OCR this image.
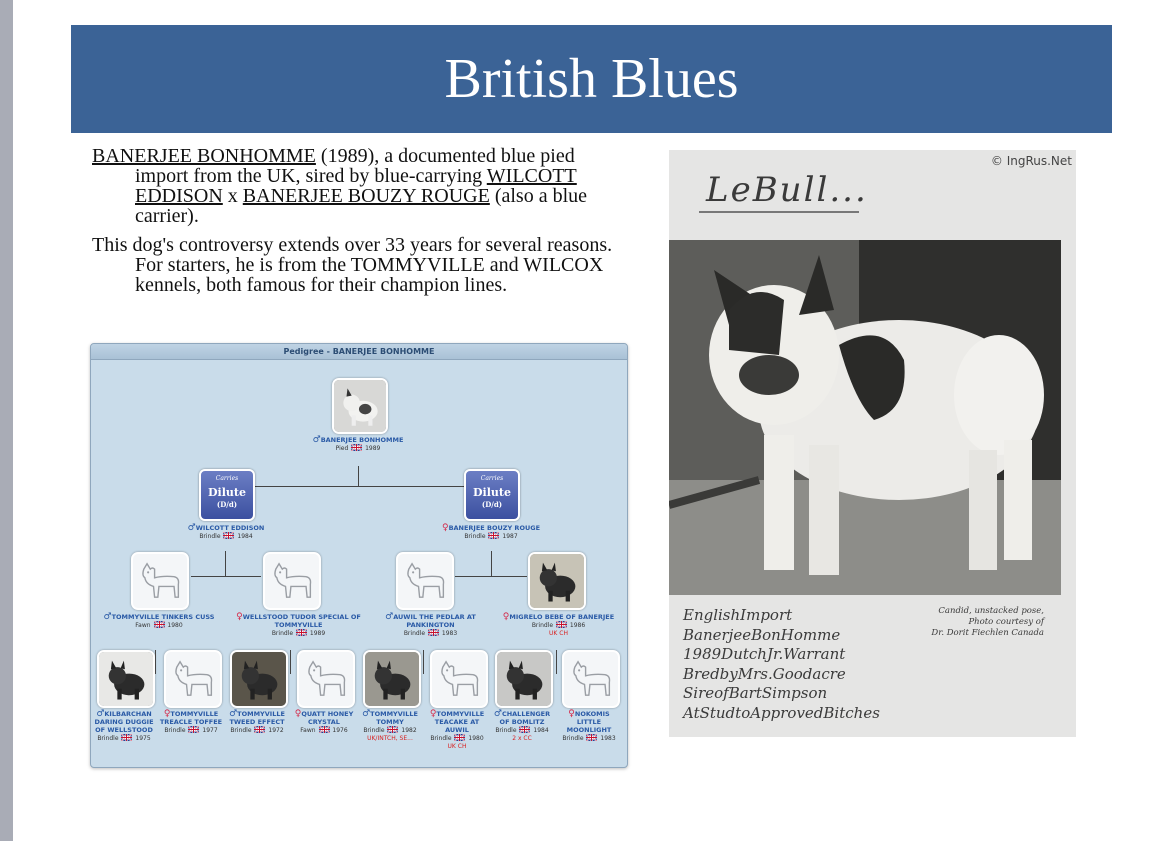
British Blues

BANERJEE BONHOMME (1989), a documented blue pied import from the UK, sired by blue-carrying WILCOTT EDDISON x BANERJEE BOUZY ROUGE (also a blue carrier).

This dog's controversy extends over 33 years for several reasons. For starters, he is from the TOMMYVILLE and WILCOX kennels, both famous for their champion lines.

Pedigree - BANERJEE BONHOMME
♂BANERJEE BONHOMME
Pied	1989
Carries
Dilute
(D/d)
Carries
Dilute
(D/d)
♂WILCOTT EDDISON
Brindle	1984
♀BANERJEE BOUZY ROUGE
Brindle	1987
♂TOMMYVILLE TINKERS CUSS
Fawn	1980
♀WELLSTOOD TUDOR SPECIAL OF TOMMYVILLE
Brindle	1989
♂AUWIL THE PEDLAR AT PANKINGTON
Brindle	1983
♀MIGRELO BEBE OF BANERJEE
Brindle	1986
UK CH
♂KILBARCHAN DARING DUGGIE OF WELLSTOOD
Brindle	1975
♀TOMMYVILLE TREACLE TOFFEE
Brindle	1977
♂TOMMYVILLE TWEED EFFECT
Brindle	1972
♀QUATT HONEY CRYSTAL
Fawn	1976
♂TOMMYVILLE TOMMY
Brindle	1982
UK/INTCH, SE...
♀TOMMYVILLE TEACAKE AT AUWIL
Brindle	1980
UK CH
♂CHALLENGER OF BOMLITZ
Brindle	1984
2 x CC
♀NOKOMIS LITTLE MOONLIGHT
Brindle	1983
© IngRus.Net
LeBull...
EnglishImport
BanerjeeBonHomme
1989DutchJr.Warrant
BredbyMrs.Goodacre
SireofBartSimpson
AtStudtoApprovedBitches
Candid, unstacked pose,
Photo courtesy of
Dr. Dorit Fiechlen Canada
